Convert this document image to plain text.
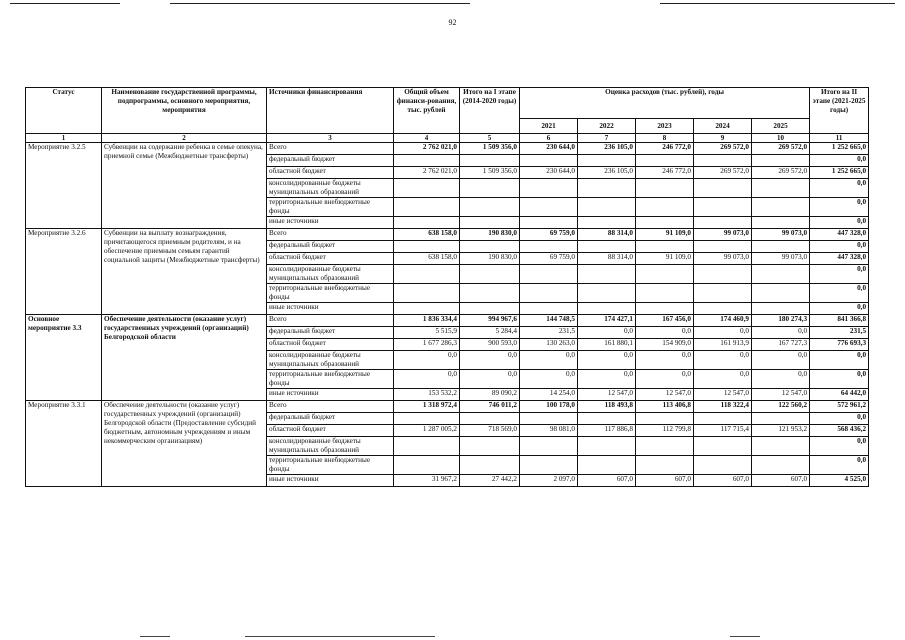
92
Статус	Наименование государственной программы, подпрограммы, основного мероприятия, мероприятия	Источники финансирования	Общий объем финанси-рования, тыс. рублей	Итого на I этапе (2014-2020 годы)	Оценка расходов (тыс. рублей), годы					Итого на II этапе (2021-2025 годы)
					2021	2022	2023	2024	2025	
1	2	3	4	5	6	7	8	9	10	11
Мероприятие 3.2.5	Субвенции на содержание ребенка в семье опекуна, приемной семье (Межбюджетные трансферты)	Всего	2 762 021,0	1 509 356,0	230 644,0	236 105,0	246 772,0	269 572,0	269 572,0	1 252 665,0
		федеральный бюджет								0,0
		областной бюджет	2 762 021,0	1 509 356,0	230 644,0	236 105,0	246 772,0	269 572,0	269 572,0	1 252 665,0
		консолидированные бюджеты муниципальных образований								0,0
		территориальные внебюджетные фонды								0,0
		иные источники								0,0
Мероприятие 3.2.6	Субвенции на выплату вознаграждения, причитающегося приемным родителям, и на обеспечение приемным семьям гарантий социальной защиты (Межбюджетные трансферты)	Всего	638 158,0	190 830,0	69 759,0	88 314,0	91 109,0	99 073,0	99 073,0	447 328,0
		федеральный бюджет								0,0
		областной бюджет	638 158,0	190 830,0	69 759,0	88 314,0	91 109,0	99 073,0	99 073,0	447 328,0
		консолидированные бюджеты муниципальных образований								0,0
		территориальные внебюджетные фонды								0,0
		иные источники								0,0
Основное мероприятие 3.3	Обеспечение деятельности (оказание услуг) государственных учреждений (организаций) Белгородской области	Всего	1 836 334,4	994 967,6	144 748,5	174 427,1	167 456,0	174 460,9	180 274,3	841 366,8
		федеральный бюджет	5 515,9	5 284,4	231,5	0,0	0,0	0,0	0,0	231,5
		областной бюджет	1 677 286,3	900 593,0	130 263,0	161 880,1	154 909,0	161 913,9	167 727,3	776 693,3
		консолидированные бюджеты муниципальных образований	0,0	0,0	0,0	0,0	0,0	0,0	0,0	0,0
		территориальные внебюджетные фонды	0,0	0,0	0,0	0,0	0,0	0,0	0,0	0,0
		иные источники	153 532,2	89 090,2	14 254,0	12 547,0	12 547,0	12 547,0	12 547,0	64 442,0
Мероприятие 3.3.1	Обеспечение деятельности (оказание услуг) государственных учреждений (организаций) Белгородской области (Предоставление субсидий бюджетным, автономным учреждениям и иным некоммерческим организациям)	Всего	1 318 972,4	746 011,2	100 178,0	118 493,8	113 406,8	118 322,4	122 560,2	572 961,2
		федеральный бюджет								0,0
		областной бюджет	1 287 005,2	718 569,0	98 081,0	117 886,8	112 799,8	117 715,4	121 953,2	568 436,2
		консолидированные бюджеты муниципальных образований								0,0
		территориальные внебюджетные фонды								0,0
		иные источники	31 967,2	27 442,2	2 097,0	607,0	607,0	607,0	607,0	4 525,0
